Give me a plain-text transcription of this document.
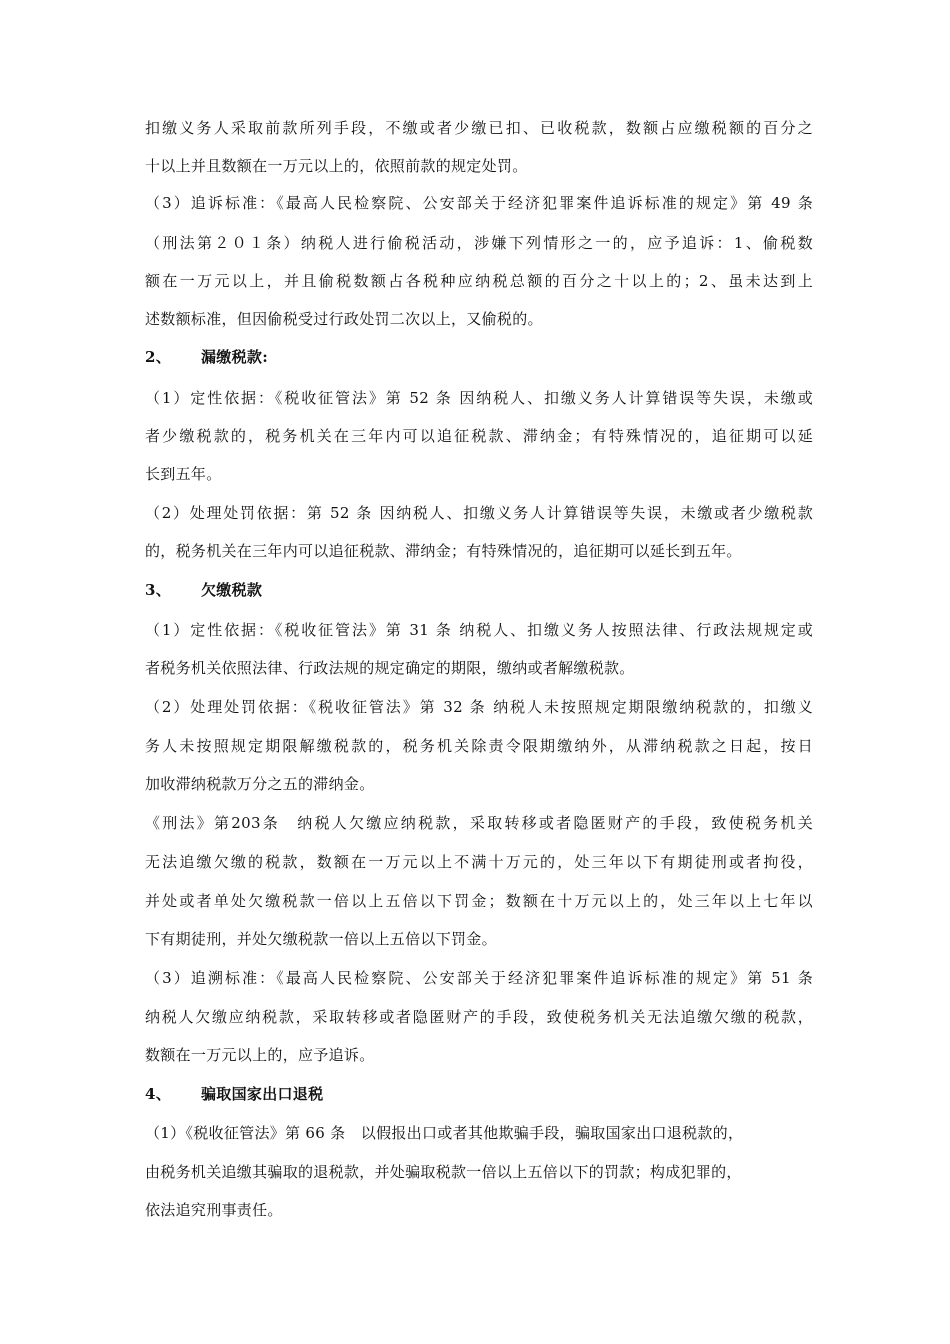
扣缴义务人采取前款所列手段，不缴或者少缴已扣、已收税款，数额占应缴税额的百分之
十以上并且数额在一万元以上的，依照前款的规定处罚。
（3）追诉标准：《最高人民检察院、公安部关于经济犯罪案件追诉标准的规定》第 49 条
（刑法第２０１条）纳税人进行偷税活动，涉嫌下列情形之一的，应予追诉：1、偷税数
额在一万元以上，并且偷税数额占各税种应纳税总额的百分之十以上的；2、虽未达到上
述数额标准，但因偷税受过行政处罚二次以上，又偷税的。
2、 漏缴税款:
（1）定性依据：《税收征管法》第 52 条 因纳税人、扣缴义务人计算错误等失误，未缴或
者少缴税款的，税务机关在三年内可以追征税款、滞纳金；有特殊情况的，追征期可以延
长到五年。
（2）处理处罚依据：第 52 条 因纳税人、扣缴义务人计算错误等失误，未缴或者少缴税款
的，税务机关在三年内可以追征税款、滞纳金；有特殊情况的，追征期可以延长到五年。
3、 欠缴税款
（1）定性依据：《税收征管法》第 31 条 纳税人、扣缴义务人按照法律、行政法规规定或
者税务机关依照法律、行政法规的规定确定的期限，缴纳或者解缴税款。
（2）处理处罚依据：《税收征管法》第 32 条 纳税人未按照规定期限缴纳税款的，扣缴义
务人未按照规定期限解缴税款的，税务机关除责令限期缴纳外，从滞纳税款之日起，按日
加收滞纳税款万分之五的滞纳金。
《刑法》第203条　纳税人欠缴应纳税款，采取转移或者隐匿财产的手段，致使税务机关
无法追缴欠缴的税款，数额在一万元以上不满十万元的，处三年以下有期徒刑或者拘役，
并处或者单处欠缴税款一倍以上五倍以下罚金；数额在十万元以上的，处三年以上七年以
下有期徒刑，并处欠缴税款一倍以上五倍以下罚金。
（3）追溯标准：《最高人民检察院、公安部关于经济犯罪案件追诉标准的规定》第 51 条
纳税人欠缴应纳税款，采取转移或者隐匿财产的手段，致使税务机关无法追缴欠缴的税款，
数额在一万元以上的，应予追诉。
4、 骗取国家出口退税
（1）《税收征管法》第 66 条　以假报出口或者其他欺骗手段，骗取国家出口退税款的，
由税务机关追缴其骗取的退税款，并处骗取税款一倍以上五倍以下的罚款；构成犯罪的，
依法追究刑事责任。
